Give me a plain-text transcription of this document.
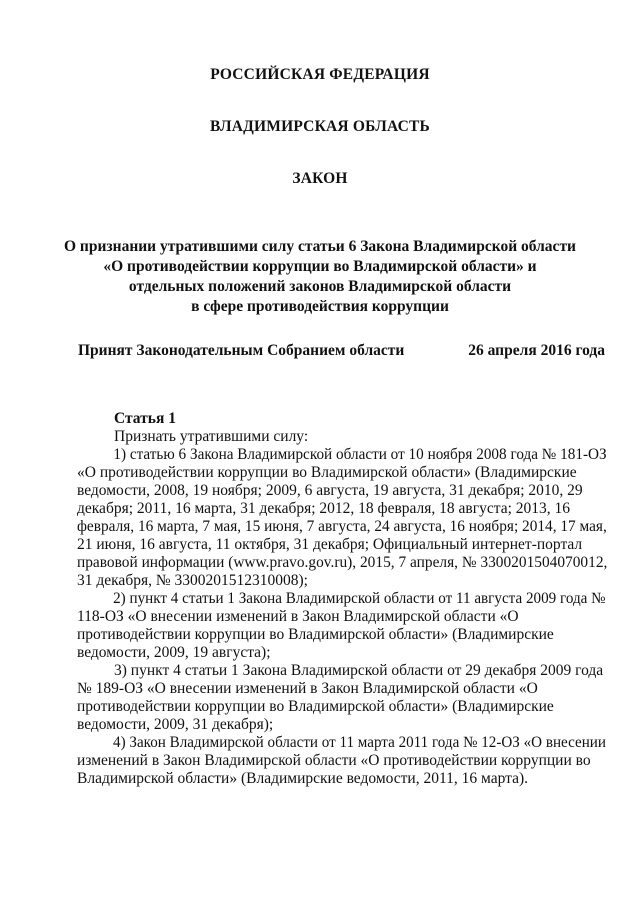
РОССИЙСКАЯ ФЕДЕРАЦИЯ
ВЛАДИМИРСКАЯ ОБЛАСТЬ
ЗАКОН
О признании утратившими силу статьи 6 Закона Владимирской области
«О противодействии коррупции во Владимирской области» и
отдельных положений законов Владимирской области
в сфере противодействия коррупции
Принят Законодательным Собранием области	26 апреля 2016 года
Статья 1
Признать утратившими силу:
1) статью 6 Закона Владимирской области от 10 ноября 2008 года № 181-ОЗ
«О противодействии коррупции во Владимирской области» (Владимирские
ведомости, 2008, 19 ноября; 2009, 6 августа, 19 августа, 31 декабря; 2010, 29
декабря; 2011, 16 марта, 31 декабря; 2012, 18 февраля, 18 августа; 2013, 16
февраля, 16 марта, 7 мая, 15 июня, 7 августа, 24 августа, 16 ноября; 2014, 17 мая,
21 июня, 16 августа, 11 октября, 31 декабря; Официальный интернет-портал
правовой информации (www.pravo.gov.ru), 2015, 7 апреля, № 3300201504070012,
31 декабря, № 3300201512310008);
2) пункт 4 статьи 1 Закона Владимирской области от 11 августа 2009 года №
118-ОЗ «О внесении изменений в Закон Владимирской области «О
противодействии коррупции во Владимирской области» (Владимирские
ведомости, 2009, 19 августа);
3) пункт 4 статьи 1 Закона Владимирской области от 29 декабря 2009 года
№ 189-ОЗ «О внесении изменений в Закон Владимирской области «О
противодействии коррупции во Владимирской области» (Владимирские
ведомости, 2009, 31 декабря);
4) Закон Владимирской области от 11 марта 2011 года № 12-ОЗ «О внесении
изменений в Закон Владимирской области «О противодействии коррупции во
Владимирской области» (Владимирские ведомости, 2011, 16 марта).
